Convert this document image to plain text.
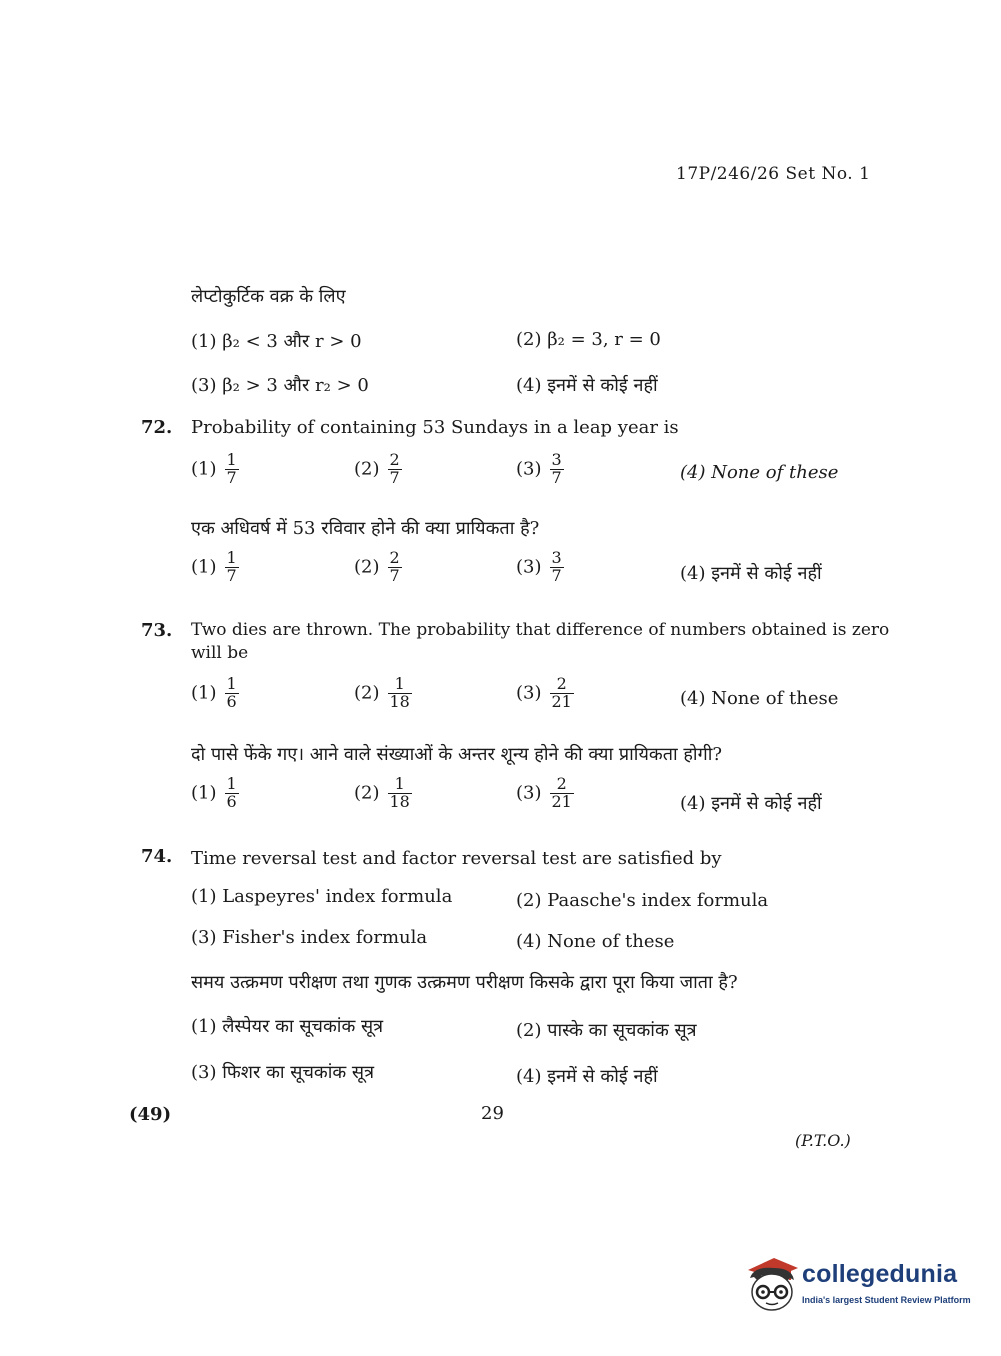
17P/246/26 Set No. 1
लेप्टोकुर्टिक वक्र के लिए
(1) β₂ < 3 और r > 0	(2) β₂ = 3, r = 0
(3) β₂ > 3 और r₂ > 0	(4) इनमें से कोई नहीं
72. Probability of containing 53 Sundays in a leap year is
$(1) \frac{1}{7}$	$(2) \frac{2}{7}$	$(3) \frac{3}{7}$	(4) None of these
एक अधिवर्ष में 53 रविवार होने की क्या प्रायिकता है?
$(1) \frac{1}{7}$	$(2) \frac{2}{7}$	$(3) \frac{3}{7}$	(4) इनमें से कोई नहीं
73. Two dies are thrown. The probability that difference of numbers obtained is zero
will be
$(1) \frac{1}{6}$	$(2) \frac{1}{18}$	$(3) \frac{2}{21}$	(4) None of these
दो पासे फेंके गए। आने वाले संख्याओं के अन्तर शून्य होने की क्या प्रायिकता होगी?
$(1) \frac{1}{6}$	$(2) \frac{1}{18}$	$(3) \frac{2}{21}$	(4) इनमें से कोई नहीं
74. Time reversal test and factor reversal test are satisfied by
(1) Laspeyres' index formula	(2) Paasche's index formula
(3) Fisher's index formula	(4) None of these
समय उत्क्रमण परीक्षण तथा गुणक उत्क्रमण परीक्षण किसके द्वारा पूरा किया जाता है?
(1) लैस्पेयर का सूचकांक सूत्र	(2) पास्के का सूचकांक सूत्र
(3) फिशर का सूचकांक सूत्र	(4) इनमें से कोई नहीं
(49)	29
(P.T.O.)
collegedunia
India's largest Student Review Platform
